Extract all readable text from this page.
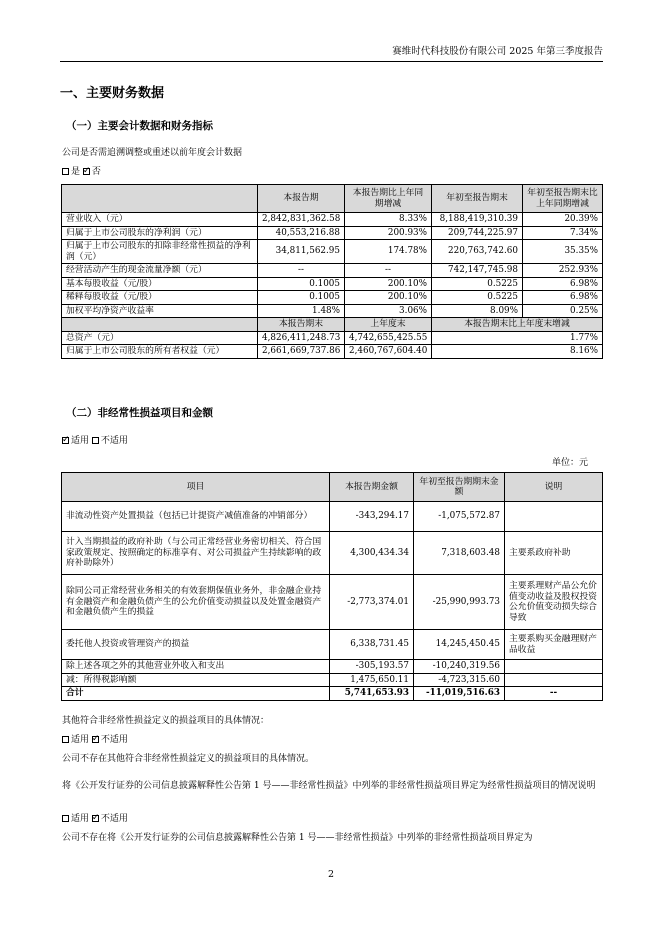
赛维时代科技股份有限公司 2025 年第三季度报告
一、主要财务数据
（一）主要会计数据和财务指标
公司是否需追溯调整或重述以前年度会计数据
是 ✓ 否
	本报告期	本报告期比上年同期增减	年初至报告期末	年初至报告期末比上年同期增减
营业收入（元）	2,842,831,362.58	8.33%	8,188,419,310.39	20.39%
归属于上市公司股东的净利润（元）	40,553,216.88	200.93%	209,744,225.97	7.34%
归属于上市公司股东的扣除非经常性损益的净利润（元）	34,811,562.95	174.78%	220,763,742.60	35.35%
经营活动产生的现金流量净额（元）	--	--	742,147,745.98	252.93%
基本每股收益（元/股）	0.1005	200.10%	0.5225	6.98%
稀释每股收益（元/股）	0.1005	200.10%	0.5225	6.98%
加权平均净资产收益率	1.48%	3.06%	8.09%	0.25%
	本报告期末	上年度末	本报告期末比上年度末增减	
总资产（元）	4,826,411,248.73	4,742,655,425.55	1.77%	
归属于上市公司股东的所有者权益（元）	2,661,669,737.86	2,460,767,604.40	8.16%	
（二）非经常性损益项目和金额
✓适用 不适用
单位：元
项目	本报告期金额	年初至报告期期末金额	说明
非流动性资产处置损益（包括已计提资产减值准备的冲销部分）	-343,294.17	-1,075,572.87	
计入当期损益的政府补助（与公司正常经营业务密切相关、符合国家政策规定、按照确定的标准享有、对公司损益产生持续影响的政府补助除外）	4,300,434.34	7,318,603.48	主要系政府补助
除同公司正常经营业务相关的有效套期保值业务外，非金融企业持有金融资产和金融负债产生的公允价值变动损益以及处置金融资产和金融负债产生的损益	-2,773,374.01	-25,990,993.73	主要系理财产品公允价值变动收益及股权投资公允价值变动损失综合导致
委托他人投资或管理资产的损益	6,338,731.45	14,245,450.45	主要系购买金融理财产品收益
除上述各项之外的其他营业外收入和支出	-305,193.57	-10,240,319.56	
减：所得税影响额	1,475,650.11	-4,723,315.60	
合计	5,741,653.93	-11,019,516.63	--
其他符合非经常性损益定义的损益项目的具体情况：
适用 ✓ 不适用
公司不存在其他符合非经常性损益定义的损益项目的具体情况。
将《公开发行证券的公司信息披露解释性公告第 1 号——非经常性损益》中列举的非经常性损益项目界定为经常性损益项目的情况说明
适用 ✓ 不适用
公司不存在将《公开发行证券的公司信息披露解释性公告第 1 号——非经常性损益》中列举的非经常性损益项目界定为
2
